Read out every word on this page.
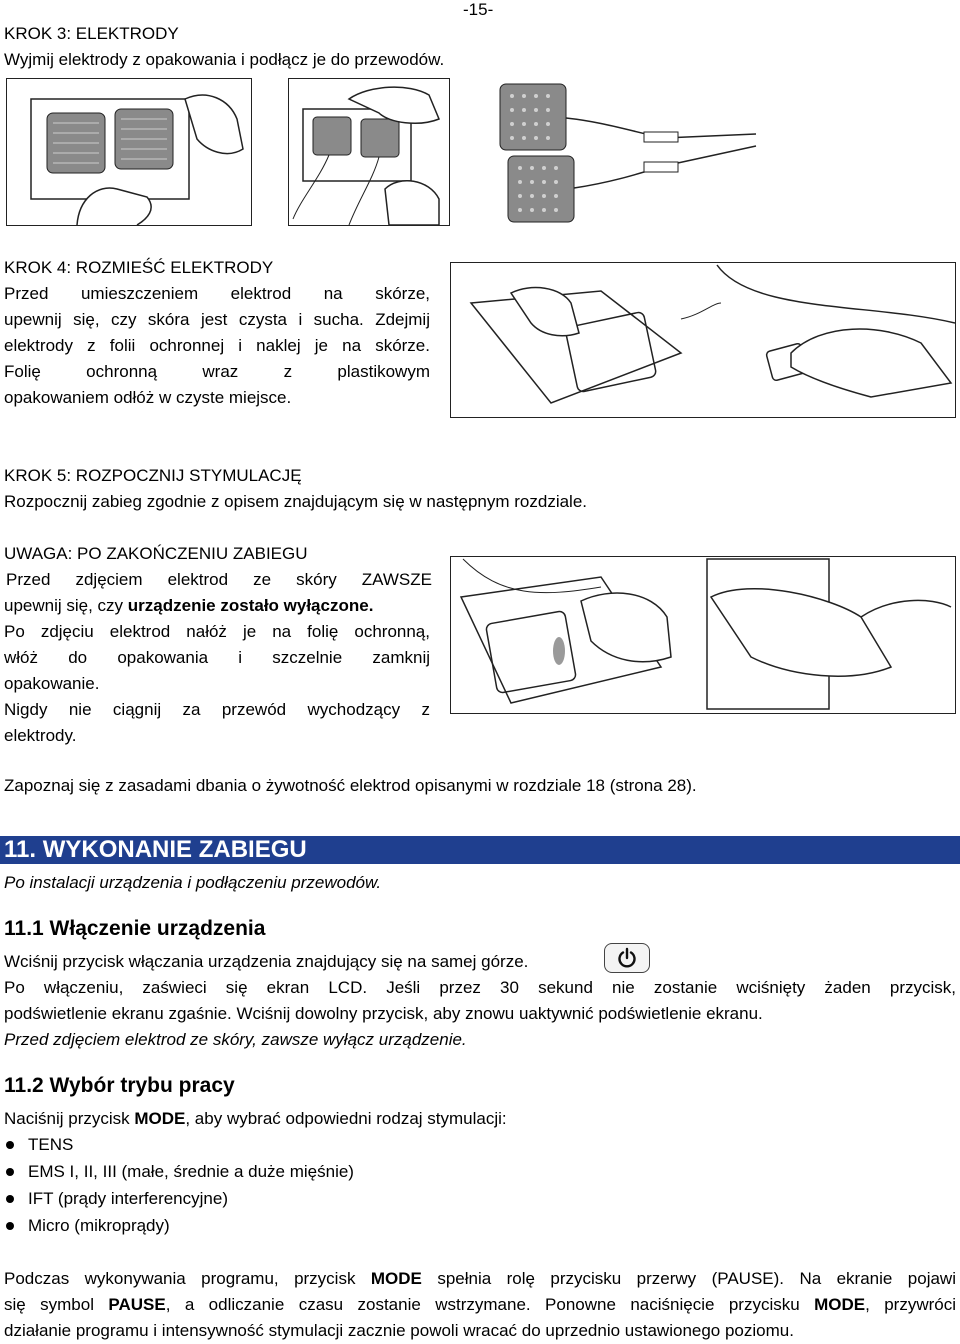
-15-
KROK 3: ELEKTRODY
Wyjmij elektrody z opakowania i podłącz je do przewodów.
KROK 4: ROZMIEŚĆ ELEKTRODY
Przed umieszczeniem elektrod na skórze,
upewnij się, czy skóra jest czysta i sucha. Zdejmij
elektrody z folii ochronnej i naklej je na skórze.
Folię ochronną wraz z plastikowym
opakowaniem odłóż w czyste miejsce.
KROK 5: ROZPOCZNIJ STYMULACJĘ
Rozpocznij zabieg zgodnie z opisem znajdującym się w następnym rozdziale.
UWAGA: PO ZAKOŃCZENIU ZABIEGU
Przed zdjęciem elektrod ze skóry ZAWSZE
upewnij się, czy urządzenie zostało wyłączone.
Po zdjęciu elektrod nałóż je na folię ochronną,
włóż do opakowania i szczelnie zamknij
opakowanie.
Nigdy nie ciągnij za przewód wychodzący z
elektrody.
Zapoznaj się z zasadami dbania o żywotność elektrod opisanymi w rozdziale 18 (strona 28).
11. WYKONANIE ZABIEGU
Po instalacji urządzenia i podłączeniu przewodów.
11.1 Włączenie urządzenia
Wciśnij przycisk włączania urządzenia znajdujący się na samej górze.
Po włączeniu, zaświeci się ekran LCD. Jeśli przez 30 sekund nie zostanie wciśnięty żaden przycisk,
podświetlenie ekranu zgaśnie. Wciśnij dowolny przycisk, aby znowu uaktywnić podświetlenie ekranu.
Przed zdjęciem elektrod ze skóry, zawsze wyłącz urządzenie.
11.2 Wybór trybu pracy
Naciśnij przycisk MODE, aby wybrać odpowiedni rodzaj stymulacji:
TENS
EMS I, II, III (małe, średnie a duże mięśnie)
IFT (prądy interferencyjne)
Micro (mikroprądy)
Podczas wykonywania programu, przycisk MODE spełnia rolę przycisku przerwy (PAUSE). Na ekranie pojawi
się symbol PAUSE, a odliczanie czasu zostanie wstrzymane. Ponowne naciśnięcie przycisku MODE, przywróci
działanie programu i intensywność stymulacji zacznie powoli wracać do uprzednio ustawionego poziomu.
